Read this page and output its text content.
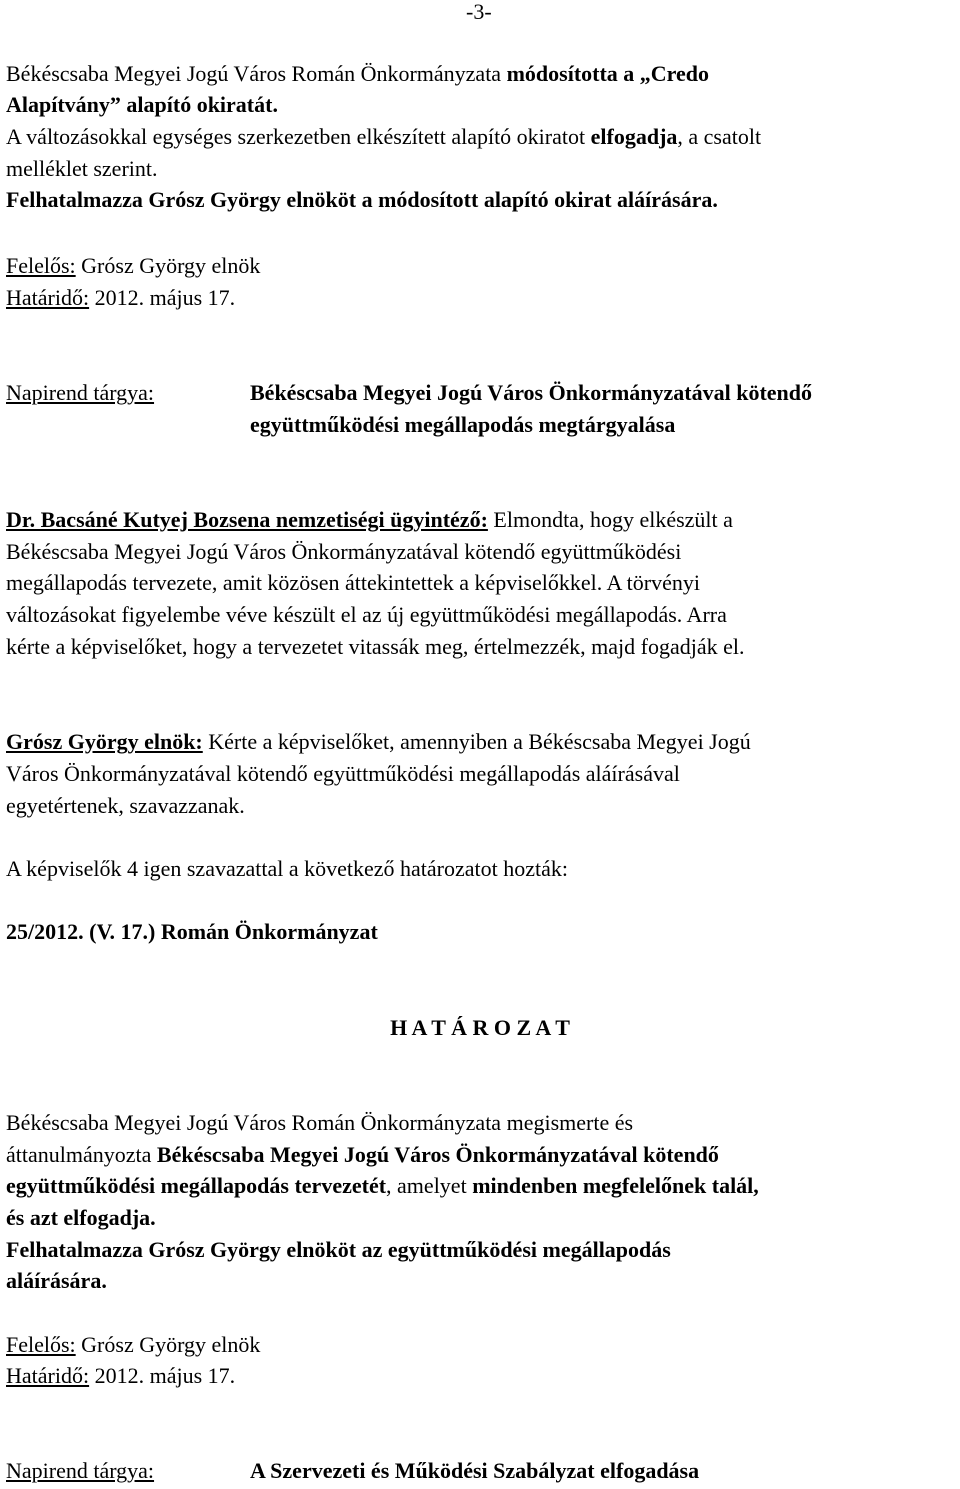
-3-
Békéscsaba Megyei Jogú Város Román Önkormányzata módosította a „Credo
Alapítvány” alapító okiratát.
A változásokkal egységes szerkezetben elkészített alapító okiratot elfogadja, a csatolt
melléklet szerint.
Felhatalmazza Grósz György elnököt a módosított alapító okirat aláírására.
Felelős: Grósz György elnök
Határidő: 2012. május 17.
Napirend tárgya:	Békéscsaba Megyei Jogú Város Önkormányzatával kötendő
együttműködési megállapodás megtárgyalása
Dr. Bacsáné Kutyej Bozsena nemzetiségi ügyintéző: Elmondta, hogy elkészült a
Békéscsaba Megyei Jogú Város Önkormányzatával kötendő együttműködési
megállapodás tervezete, amit közösen áttekintettek a képviselőkkel. A törvényi
változásokat figyelembe véve készült el az új együttműködési megállapodás. Arra
kérte a képviselőket, hogy a tervezetet vitassák meg, értelmezzék, majd fogadják el.
Grósz György elnök: Kérte a képviselőket, amennyiben a Békéscsaba Megyei Jogú
Város Önkormányzatával kötendő együttműködési megállapodás aláírásával
egyetértenek, szavazzanak.
A képviselők 4 igen szavazattal a következő határozatot hozták:
25/2012. (V. 17.) Román Önkormányzat
H A T Á R O Z A T
Békéscsaba Megyei Jogú Város Román Önkormányzata megismerte és
áttanulmányozta Békéscsaba Megyei Jogú Város Önkormányzatával kötendő
együttműködési megállapodás tervezetét, amelyet mindenben megfelelőnek talál,
és azt elfogadja.
Felhatalmazza Grósz György elnököt az együttműködési megállapodás
aláírására.
Felelős: Grósz György elnök
Határidő: 2012. május 17.
Napirend tárgya:	A Szervezeti és Működési Szabályzat elfogadása
